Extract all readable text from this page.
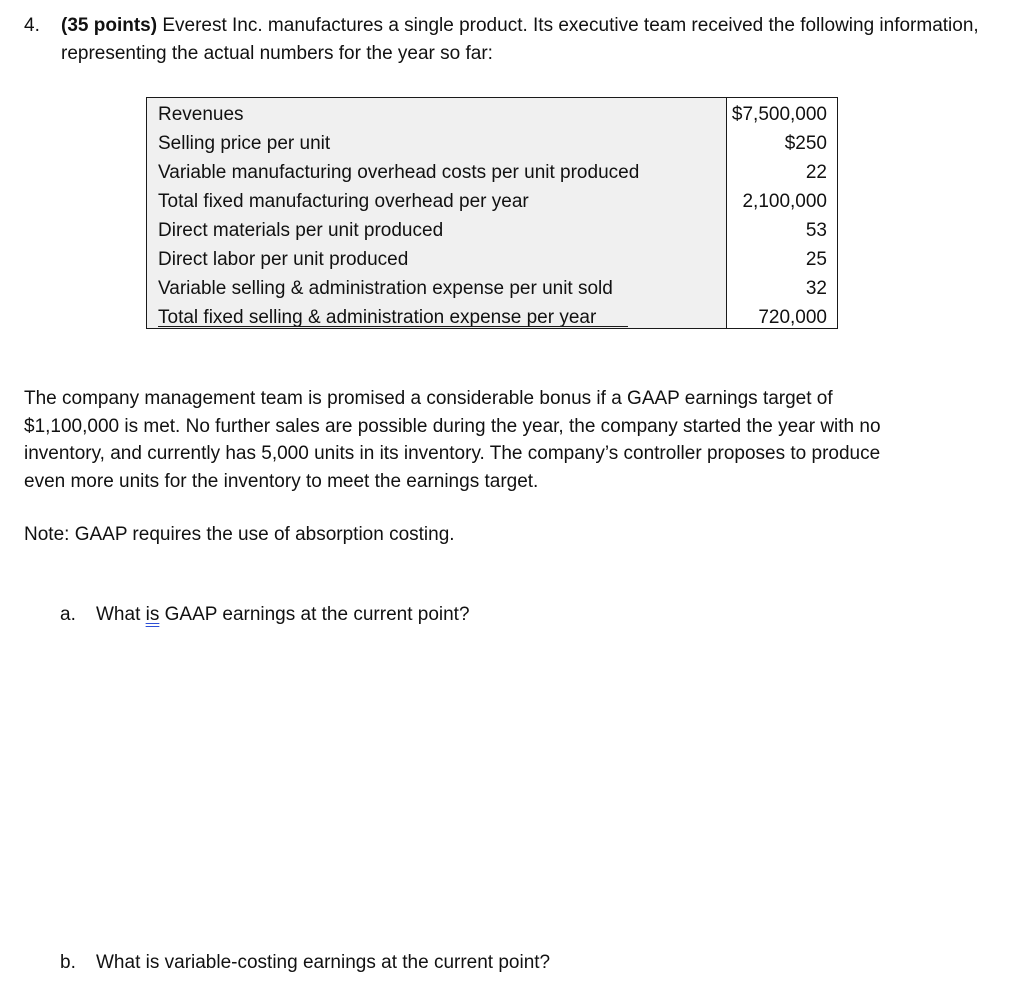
4.	(35 points) Everest Inc. manufactures a single product. Its executive team received the following information, representing the actual numbers for the year so far:
Revenues	$7,500,000
Selling price per unit	$250
Variable manufacturing overhead costs per unit produced	22
Total fixed manufacturing overhead per year	2,100,000
Direct materials per unit produced	53
Direct labor per unit produced	25
Variable selling & administration expense per unit sold	32
Total fixed selling & administration expense per year	720,000
The company management team is promised a considerable bonus if a GAAP earnings target of $1,100,000 is met. No further sales are possible during the year, the company started the year with no inventory, and currently has 5,000 units in its inventory. The company’s controller proposes to produce even more units for the inventory to meet the earnings target.
Note: GAAP requires the use of absorption costing.
a. What is GAAP earnings at the current point?
b. What is variable-costing earnings at the current point?
